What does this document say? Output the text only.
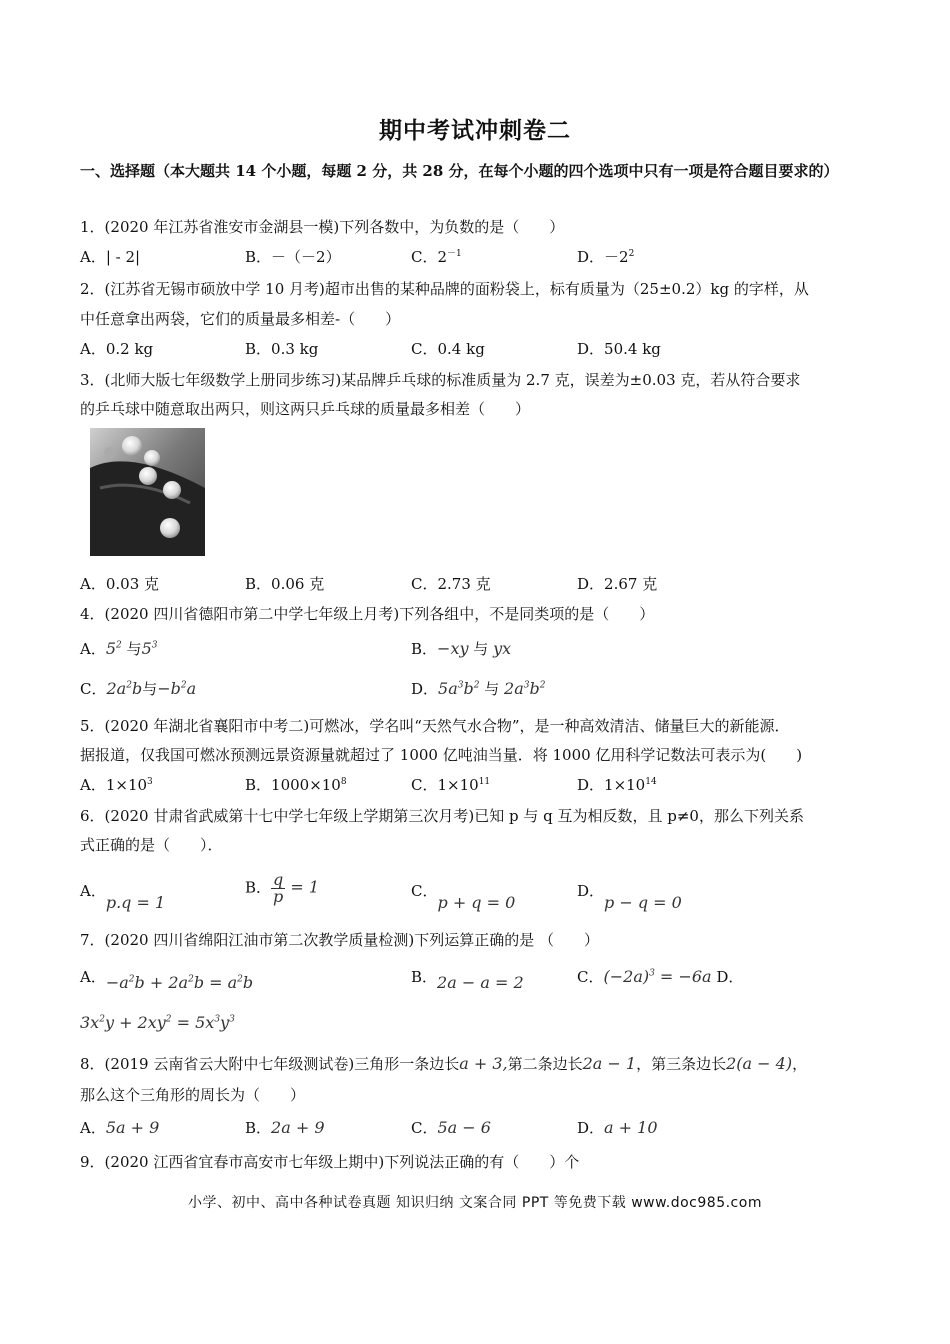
期中考试冲刺卷二
一、选择题（本大题共 14 个小题，每题 2 分，共 28 分，在每个小题的四个选项中只有一项是符合题目要求的）
1．(2020 年江苏省淮安市金湖县一模)下列各数中，为负数的是（　　）
A．| - 2|	B．－（－2）	C．$2^{-1}$	D．$-2^2$
2．(江苏省无锡市硕放中学 10 月考)超市出售的某种品牌的面粉袋上，标有质量为（25±0.2）kg 的字样，从
中任意拿出两袋，它们的质量最多相差-（　　）
A．0.2 kg	B．0.3 kg	C．0.4 kg	D．50.4 kg
3．(北师大版七年级数学上册同步练习)某品牌乒乓球的标准质量为 2.7 克，误差为±0.03 克，若从符合要求
的乒乓球中随意取出两只，则这两只乒乓球的质量最多相差（　　）
A．0.03 克	B．0.06 克	C．2.73 克	D．2.67 克
4．(2020 四川省德阳市第二中学七年级上月考)下列各组中，不是同类项的是（　　）
A．$5^2$ 与$5^3$	B．−xy 与 yx
C．$2a^2b$与$-b^2a$	D．$5a^3b^2$ 与 $2a^3b^2$
5．(2020 年湖北省襄阳市中考二)可燃冰，学名叫“天然气水合物”，是一种高效清洁、储量巨大的新能源．
据报道，仅我国可燃冰预测远景资源量就超过了 1000 亿吨油当量．将 1000 亿用科学记数法可表示为(　　)
A．$1\times 10^3$	B．$1000\times 10^8$	C．$1\times 10^{11}$	D．$1\times 10^{14}$
6．(2020 甘肃省武威第十七中学七年级上学期第三次月考)已知 p 与 q 互为相反数，且 p≠0，那么下列关系
式正确的是（　　）．
A．p.q = 1
B． $\frac{q}{p} = 1$	C．p + q = 0
D．p − q = 0
7．(2020 四川省绵阳江油市第二次教学质量检测)下列运算正确的是 （　　）
A．$-a^2b + 2a^2b = a^2b$	B．2a − a = 2	C．$(-2a)^3 = -6a$ D．
$3x^2y + 2xy^2 = 5x^3y^3$
8．(2019 云南省云大附中七年级测试卷)三角形一条边长a + 3,第二条边长2a − 1，第三条边长2(a − 4)，
那么这个三角形的周长为（　　）
A．5a + 9	B．2a + 9	C．5a − 6	D．a + 10
9．(2020 江西省宜春市高安市七年级上期中)下列说法正确的有（　　）个
小学、初中、高中各种试卷真题 知识归纳 文案合同 PPT 等免费下载 www.doc985.com
